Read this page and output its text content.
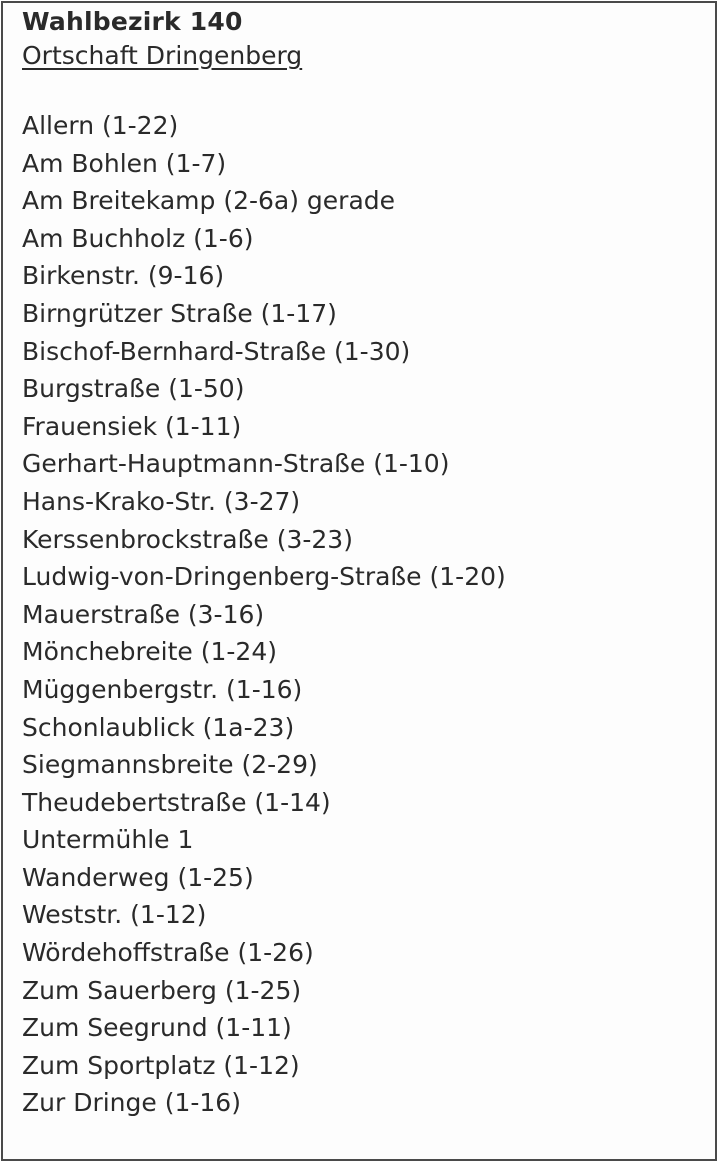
Wahlbezirk 140
Ortschaft Dringenberg
Allern (1-22)
Am Bohlen (1-7)
Am Breitekamp (2-6a) gerade
Am Buchholz (1-6)
Birkenstr. (9-16)
Birngrützer Straße (1-17)
Bischof-Bernhard-Straße (1-30)
Burgstraße (1-50)
Frauensiek (1-11)
Gerhart-Hauptmann-Straße (1-10)
Hans-Krako-Str. (3-27)
Kerssenbrockstraße (3-23)
Ludwig-von-Dringenberg-Straße (1-20)
Mauerstraße (3-16)
Mönchebreite (1-24)
Müggenbergstr. (1-16)
Schonlaublick (1a-23)
Siegmannsbreite (2-29)
Theudebertstraße (1-14)
Untermühle 1
Wanderweg (1-25)
Weststr. (1-12)
Wördehoffstraße (1-26)
Zum Sauerberg (1-25)
Zum Seegrund (1-11)
Zum Sportplatz (1-12)
Zur Dringe (1-16)
